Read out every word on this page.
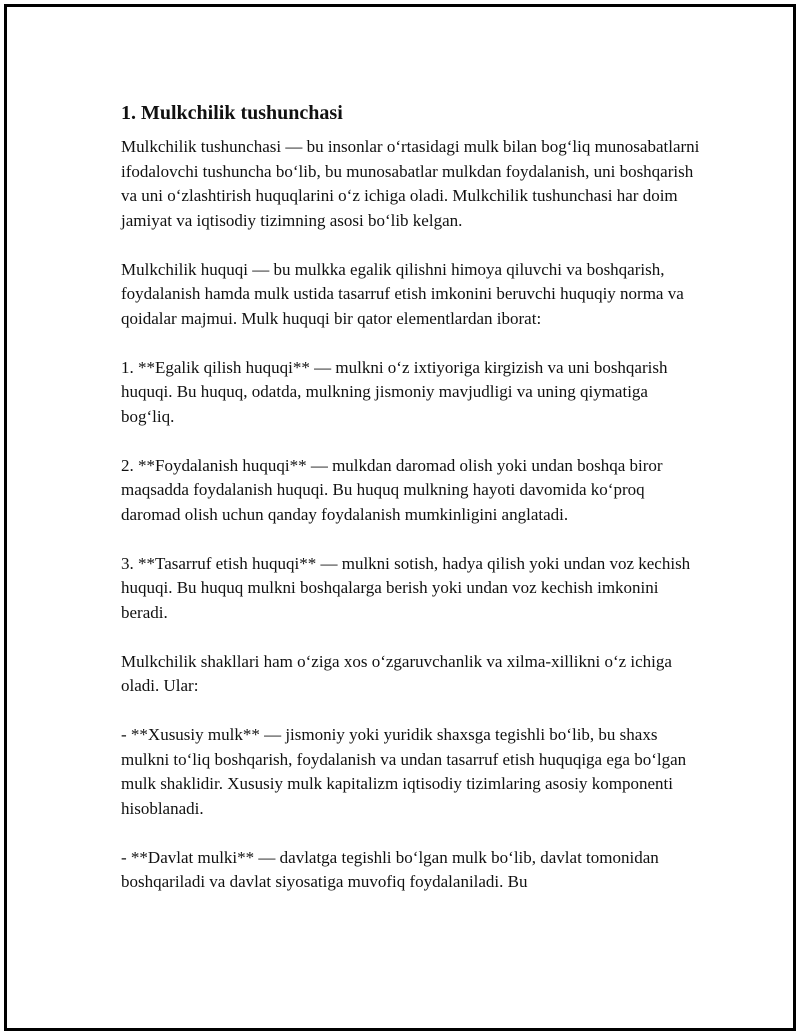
1. Mulkchilik tushunchasi

Mulkchilik tushunchasi — bu insonlar oʻrtasidagi mulk bilan bogʻliq munosabatlarni ifodalovchi tushuncha boʻlib, bu munosabatlar mulkdan foydalanish, uni boshqarish va uni oʻzlashtirish huquqlarini oʻz ichiga oladi. Mulkchilik tushunchasi har doim jamiyat va iqtisodiy tizimning asosi boʻlib kelgan.

Mulkchilik huquqi — bu mulkka egalik qilishni himoya qiluvchi va boshqarish, foydalanish hamda mulk ustida tasarruf etish imkonini beruvchi huquqiy norma va qoidalar majmui. Mulk huquqi bir qator elementlardan iborat:

1. **Egalik qilish huquqi** — mulkni oʻz ixtiyoriga kirgizish va uni boshqarish huquqi. Bu huquq, odatda, mulkning jismoniy mavjudligi va uning qiymatiga bogʻliq.

2. **Foydalanish huquqi** — mulkdan daromad olish yoki undan boshqa biror maqsadda foydalanish huquqi. Bu huquq mulkning hayoti davomida koʻproq daromad olish uchun qanday foydalanish mumkinligini anglatadi.

3. **Tasarruf etish huquqi** — mulkni sotish, hadya qilish yoki undan voz kechish huquqi. Bu huquq mulkni boshqalarga berish yoki undan voz kechish imkonini beradi.

Mulkchilik shakllari ham oʻziga xos oʻzgaruvchanlik va xilma-xillikni oʻz ichiga oladi. Ular:

- **Xususiy mulk** — jismoniy yoki yuridik shaxsga tegishli boʻlib, bu shaxs mulkni toʻliq boshqarish, foydalanish va undan tasarruf etish huquqiga ega boʻlgan mulk shaklidir. Xususiy mulk kapitalizm iqtisodiy tizimlaring asosiy komponenti hisoblanadi.

- **Davlat mulki** — davlatga tegishli boʻlgan mulk boʻlib, davlat tomonidan boshqariladi va davlat siyosatiga muvofiq foydalaniladi. Bu
